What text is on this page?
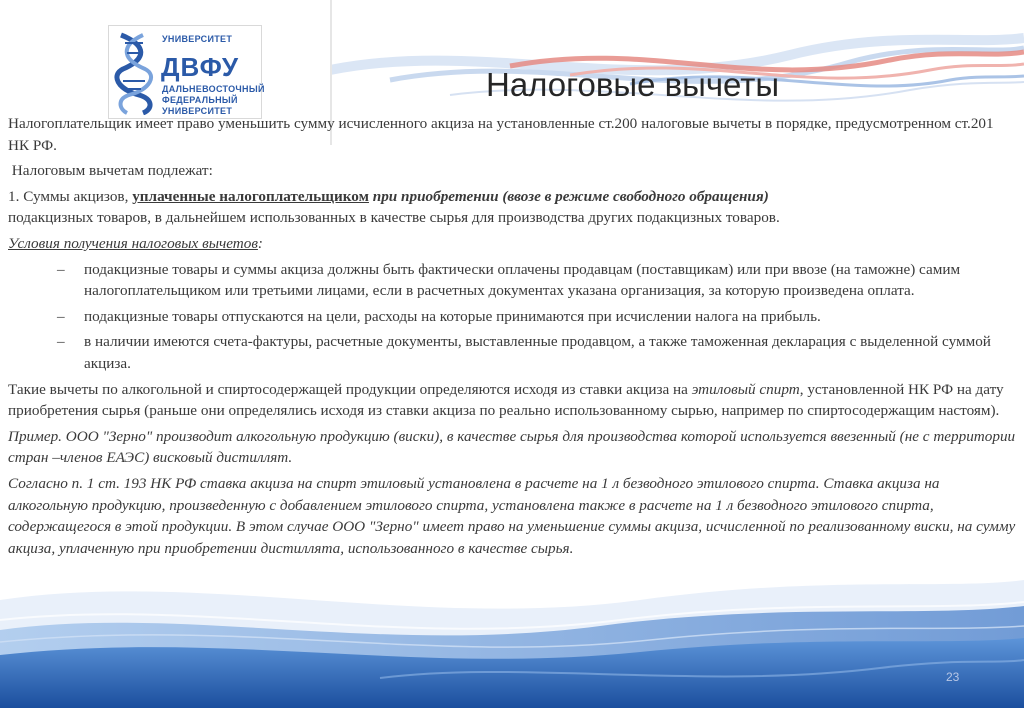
УНИВЕРСИТЕТ
ДВФУ
ДАЛЬНЕВОСТОЧНЫЙ
ФЕДЕРАЛЬНЫЙ
УНИВЕРСИТЕТ
Налоговые вычеты

Налогоплательщик имеет право уменьшить сумму исчисленного акциза на установленные ст.200 налоговые вычеты в порядке, предусмотренном ст.201 НК РФ.

Налоговым вычетам подлежат:

1. Суммы акцизов, уплаченные налогоплательщиком при приобретении (ввозе в режиме свободного обращения)
подакцизных товаров, в дальнейшем использованных в качестве сырья для производства других подакцизных товаров.

Условия получения налоговых вычетов:

– подакцизные товары и суммы акциза должны быть фактически оплачены продавцам (поставщикам) или при ввозе (на таможне) самим налогоплательщиком или третьими лицами, если в расчетных документах указана организация, за которую произведена оплата.
– подакцизные товары отпускаются на цели, расходы на которые принимаются при исчислении налога на прибыль.
– в наличии имеются счета-фактуры, расчетные документы, выставленные продавцом, а также таможенная декларация с выделенной суммой акциза.

Такие вычеты по алкогольной и спиртосодержащей продукции определяются исходя из ставки акциза на этиловый спирт, установленной НК РФ на дату приобретения сырья (раньше они определялись исходя из ставки акциза по реально использованному сырью, например по спиртосодержащим настоям).

Пример. ООО "Зерно" производит алкогольную продукцию (виски), в качестве сырья для производства которой используется ввезенный (не с территории стран –членов ЕАЭС) висковый дистиллят.

Согласно п. 1 ст. 193 НК РФ ставка акциза на спирт этиловый установлена в расчете на 1 л безводного этилового спирта. Ставка акциза на алкогольную продукцию, произведенную с добавлением этилового спирта, установлена также в расчете на 1 л безводного этилового спирта, содержащегося в этой продукции. В этом случае ООО "Зерно" имеет право на уменьшение суммы акциза, исчисленной по реализованному виски, на сумму акциза, уплаченную при приобретении дистиллята, использованного в качестве сырья.

23
